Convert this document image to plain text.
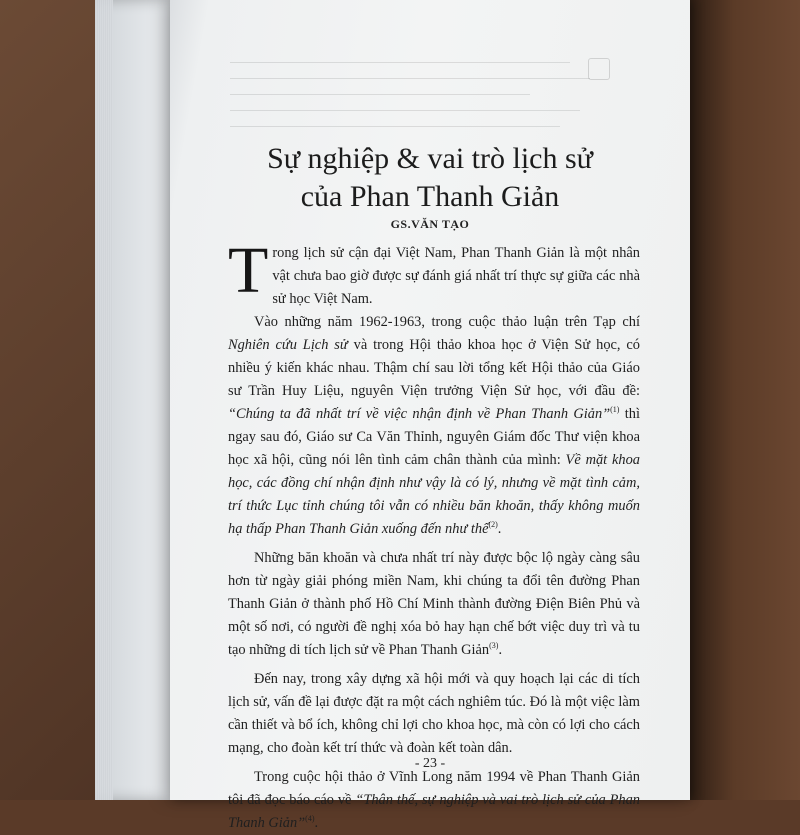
Sự nghiệp & vai trò lịch sử
của Phan Thanh Giản
GS.VĂN TẠO

Trong lịch sử cận đại Việt Nam, Phan Thanh Giản là một nhân vật chưa bao giờ được sự đánh giá nhất trí thực sự giữa các nhà sử học Việt Nam.

Vào những năm 1962-1963, trong cuộc thảo luận trên Tạp chí Nghiên cứu Lịch sử và trong Hội thảo khoa học ở Viện Sử học, có nhiều ý kiến khác nhau. Thậm chí sau lời tổng kết Hội thảo của Giáo sư Trần Huy Liệu, nguyên Viện trưởng Viện Sử học, với đầu đề: “Chúng ta đã nhất trí về việc nhận định về Phan Thanh Giản”$^{(1)}$ thì ngay sau đó, Giáo sư Ca Văn Thỉnh, nguyên Giám đốc Thư viện khoa học xã hội, cũng nói lên tình cảm chân thành của mình: Về mặt khoa học, các đồng chí nhận định như vậy là có lý, nhưng về mặt tình cảm, trí thức Lục tỉnh chúng tôi vẫn có nhiều băn khoăn, thấy không muốn hạ thấp Phan Thanh Giản xuống đến như thế$^{(2)}$.

Những băn khoăn và chưa nhất trí này được bộc lộ ngày càng sâu hơn từ ngày giải phóng miền Nam, khi chúng ta đổi tên đường Phan Thanh Giản ở thành phố Hồ Chí Minh thành đường Điện Biên Phủ và một số nơi, có người đề nghị xóa bỏ hay hạn chế bớt việc duy trì và tu tạo những di tích lịch sử về Phan Thanh Giản$^{(3)}$.

Đến nay, trong xây dựng xã hội mới và quy hoạch lại các di tích lịch sử, vấn đề lại được đặt ra một cách nghiêm túc. Đó là một việc làm cần thiết và bổ ích, không chỉ lợi cho khoa học, mà còn có lợi cho cách mạng, cho đoàn kết trí thức và đoàn kết toàn dân.

Trong cuộc hội thảo ở Vĩnh Long năm 1994 về Phan Thanh Giản tôi đã đọc báo cáo về “Thân thế, sự nghiệp và vai trò lịch sử của Phan Thanh Giản”$^{(4)}$.

- 23 -
